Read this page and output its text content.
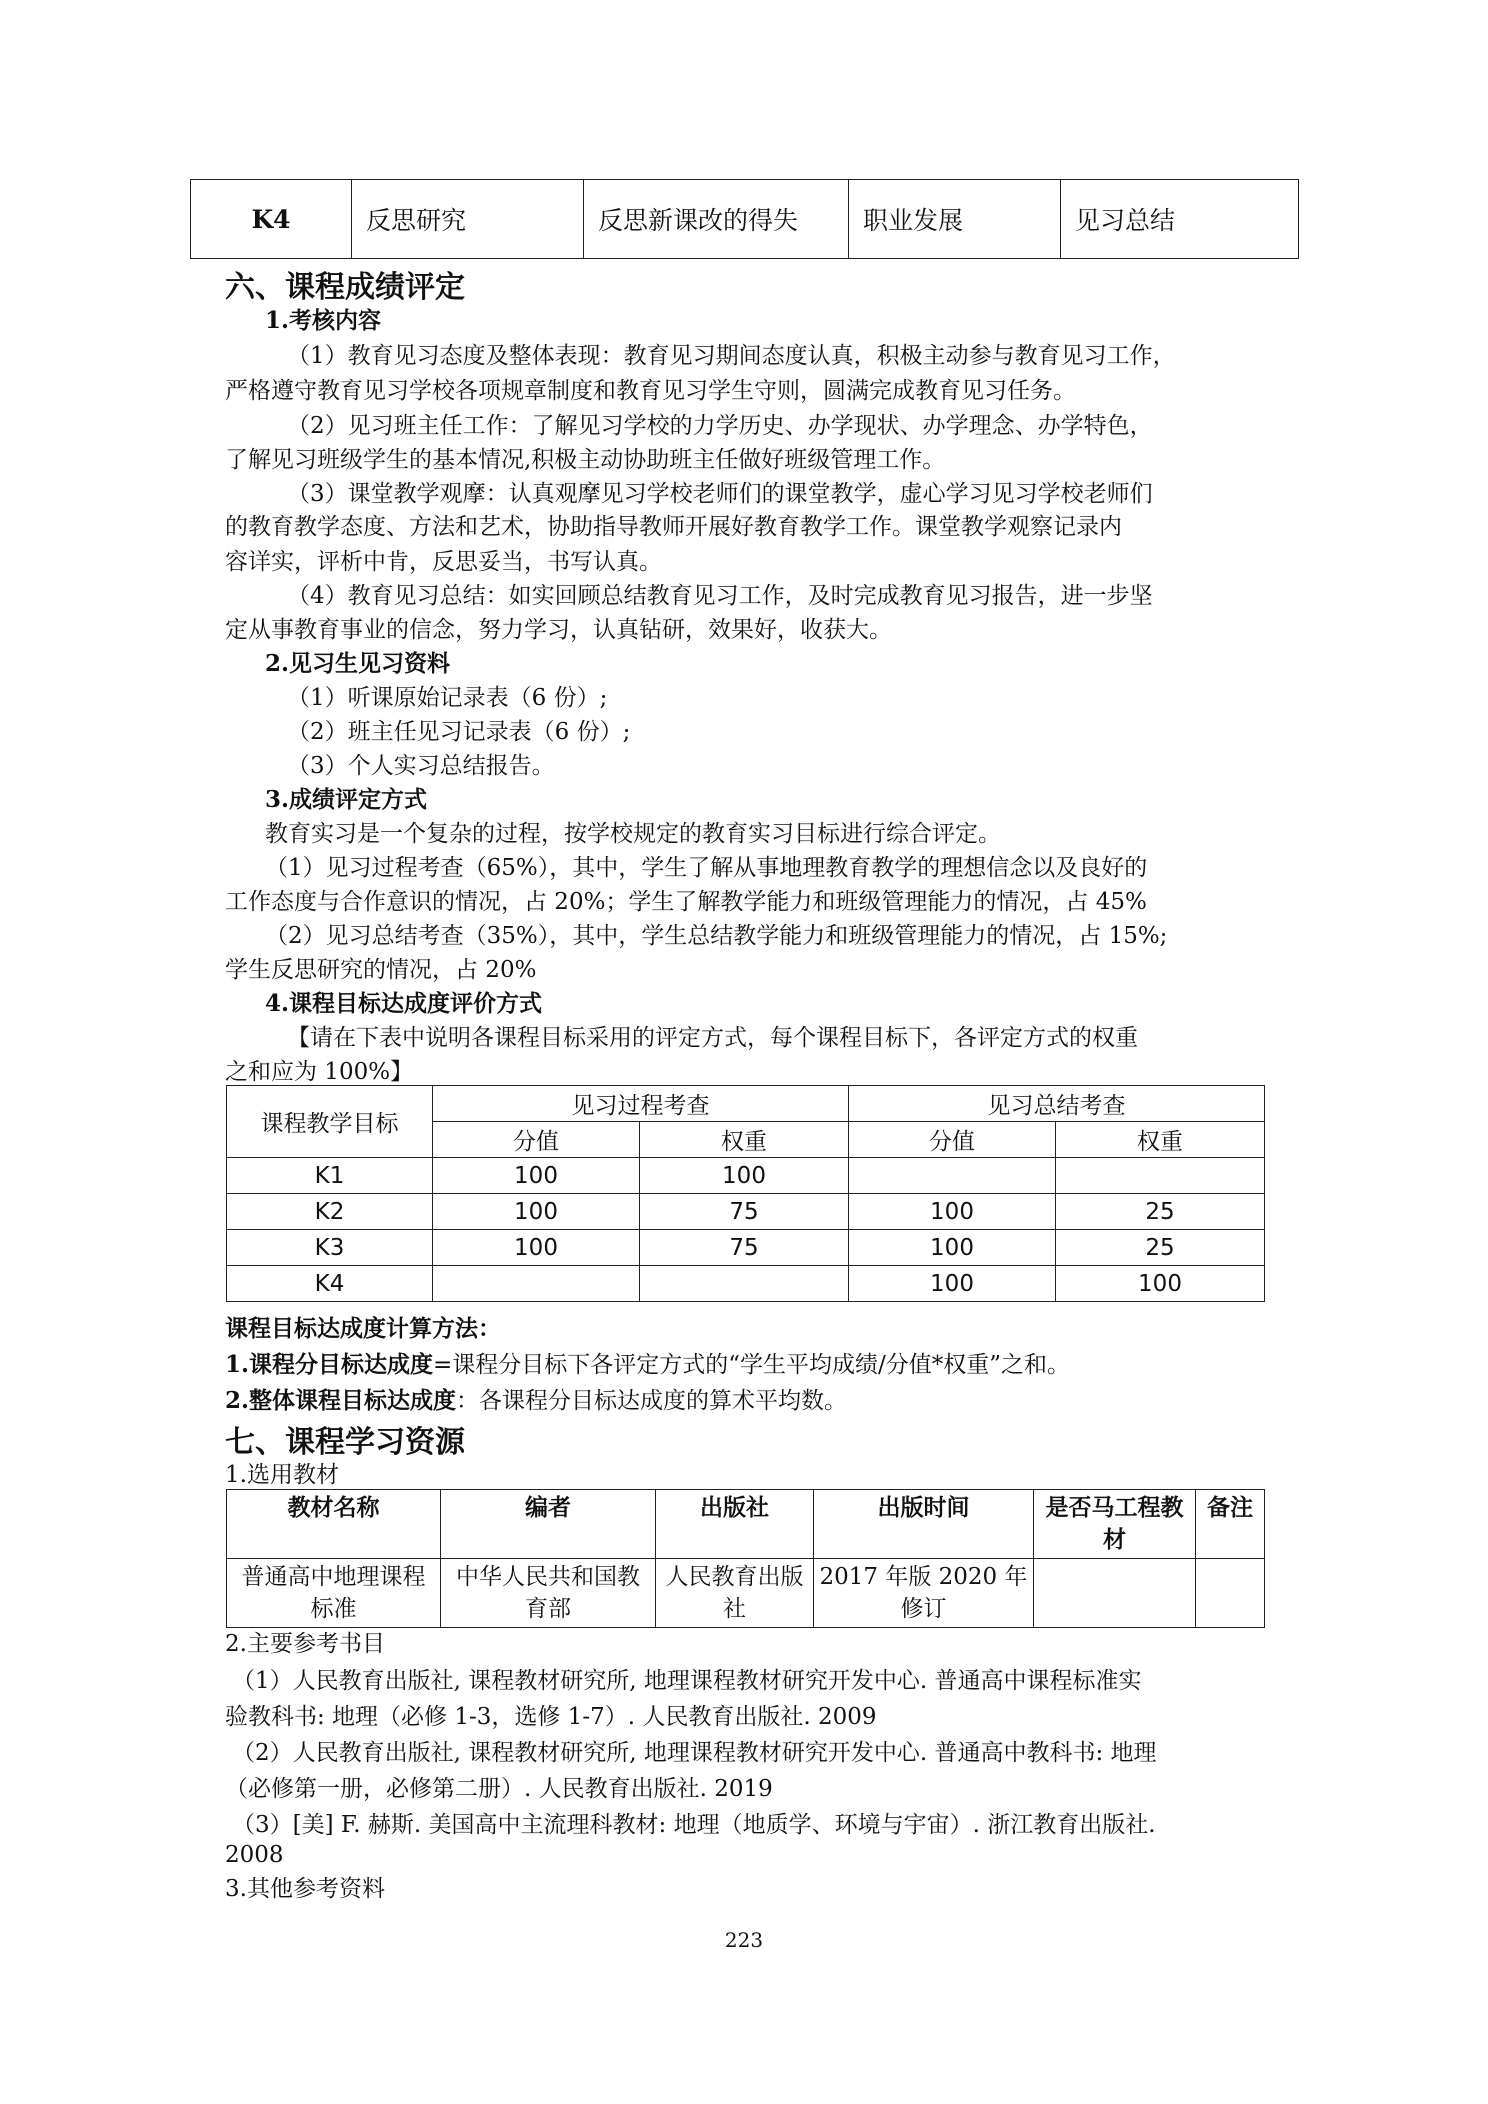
K4	反思研究	反思新课改的得失	职业发展	见习总结
六、课程成绩评定
1.考核内容
（1）教育见习态度及整体表现：教育见习期间态度认真，积极主动参与教育见习工作，
严格遵守教育见习学校各项规章制度和教育见习学生守则，圆满完成教育见习任务。
（2）见习班主任工作：了解见习学校的力学历史、办学现状、办学理念、办学特色，
了解见习班级学生的基本情况,积极主动协助班主任做好班级管理工作。
（3）课堂教学观摩：认真观摩见习学校老师们的课堂教学，虚心学习见习学校老师们
的教育教学态度、方法和艺术，协助指导教师开展好教育教学工作。课堂教学观察记录内
容详实，评析中肯，反思妥当，书写认真。
（4）教育见习总结：如实回顾总结教育见习工作，及时完成教育见习报告，进一步坚
定从事教育事业的信念，努力学习，认真钻研，效果好，收获大。
2.见习生见习资料
（1）听课原始记录表（6 份）;
（2）班主任见习记录表（6 份）;
（3）个人实习总结报告。
3.成绩评定方式
教育实习是一个复杂的过程，按学校规定的教育实习目标进行综合评定。
（1）见习过程考查（65%），其中，学生了解从事地理教育教学的理想信念以及良好的
工作态度与合作意识的情况，占 20%；学生了解教学能力和班级管理能力的情况，占 45%
（2）见习总结考查（35%），其中，学生总结教学能力和班级管理能力的情况，占 15%;
学生反思研究的情况，占 20%
4.课程目标达成度评价方式
【请在下表中说明各课程目标采用的评定方式，每个课程目标下，各评定方式的权重
之和应为 100%】
课程教学目标	见习过程考查		见习总结考查	
	分值	权重	分值	权重
K1	100	100		
K2	100	75	100	25
K3	100	75	100	25
K4			100	100
课程目标达成度计算方法：
1.课程分目标达成度=课程分目标下各评定方式的“学生平均成绩/分值*权重”之和。
2.整体课程目标达成度：各课程分目标达成度的算术平均数。
七、课程学习资源
1.选用教材
教材名称	编者	出版社	出版时间	是否马工程教材	备注
普通高中地理课程标准	中华人民共和国教育部	人民教育出版社	2017 年版 2020 年修订		
2.主要参考书目
（1）人民教育出版社, 课程教材研究所, 地理课程教材研究开发中心. 普通高中课程标准实
验教科书: 地理（必修 1-3，选修 1-7）. 人民教育出版社. 2009
（2）人民教育出版社, 课程教材研究所, 地理课程教材研究开发中心. 普通高中教科书: 地理
（必修第一册，必修第二册）. 人民教育出版社. 2019
（3）[美] F. 赫斯. 美国高中主流理科教材: 地理（地质学、环境与宇宙）. 浙江教育出版社.
2008
3.其他参考资料
223
